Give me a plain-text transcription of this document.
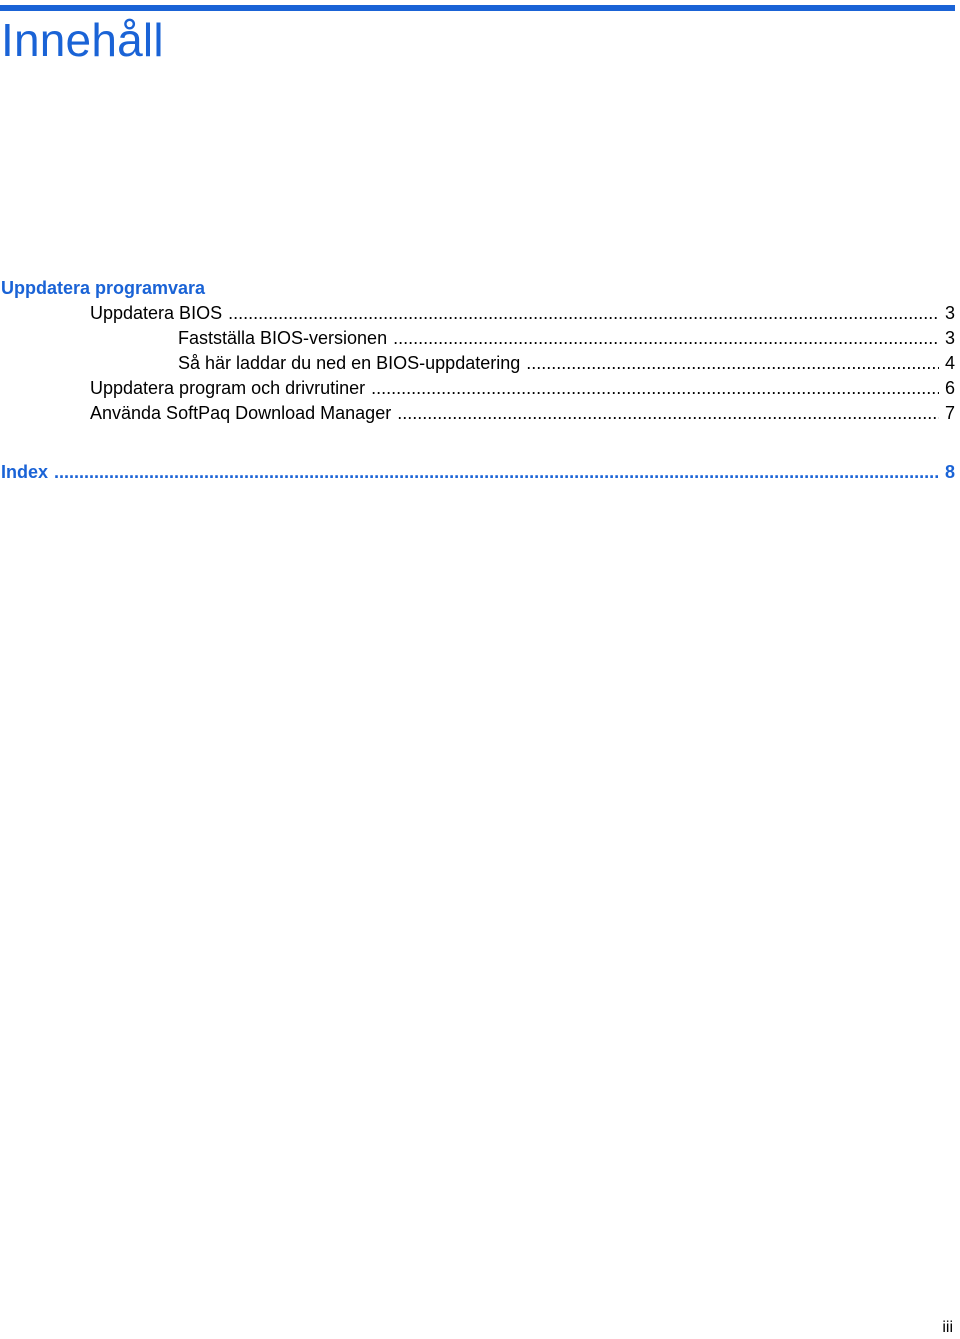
Innehåll
Uppdatera programvara
Uppdatera BIOS .....	3
Fastställa BIOS-versionen .....	3
Så här laddar du ned en BIOS-uppdatering .....	4
Uppdatera program och drivrutiner .....	6
Använda SoftPaq Download Manager .....	7
Index .....	8
iii
